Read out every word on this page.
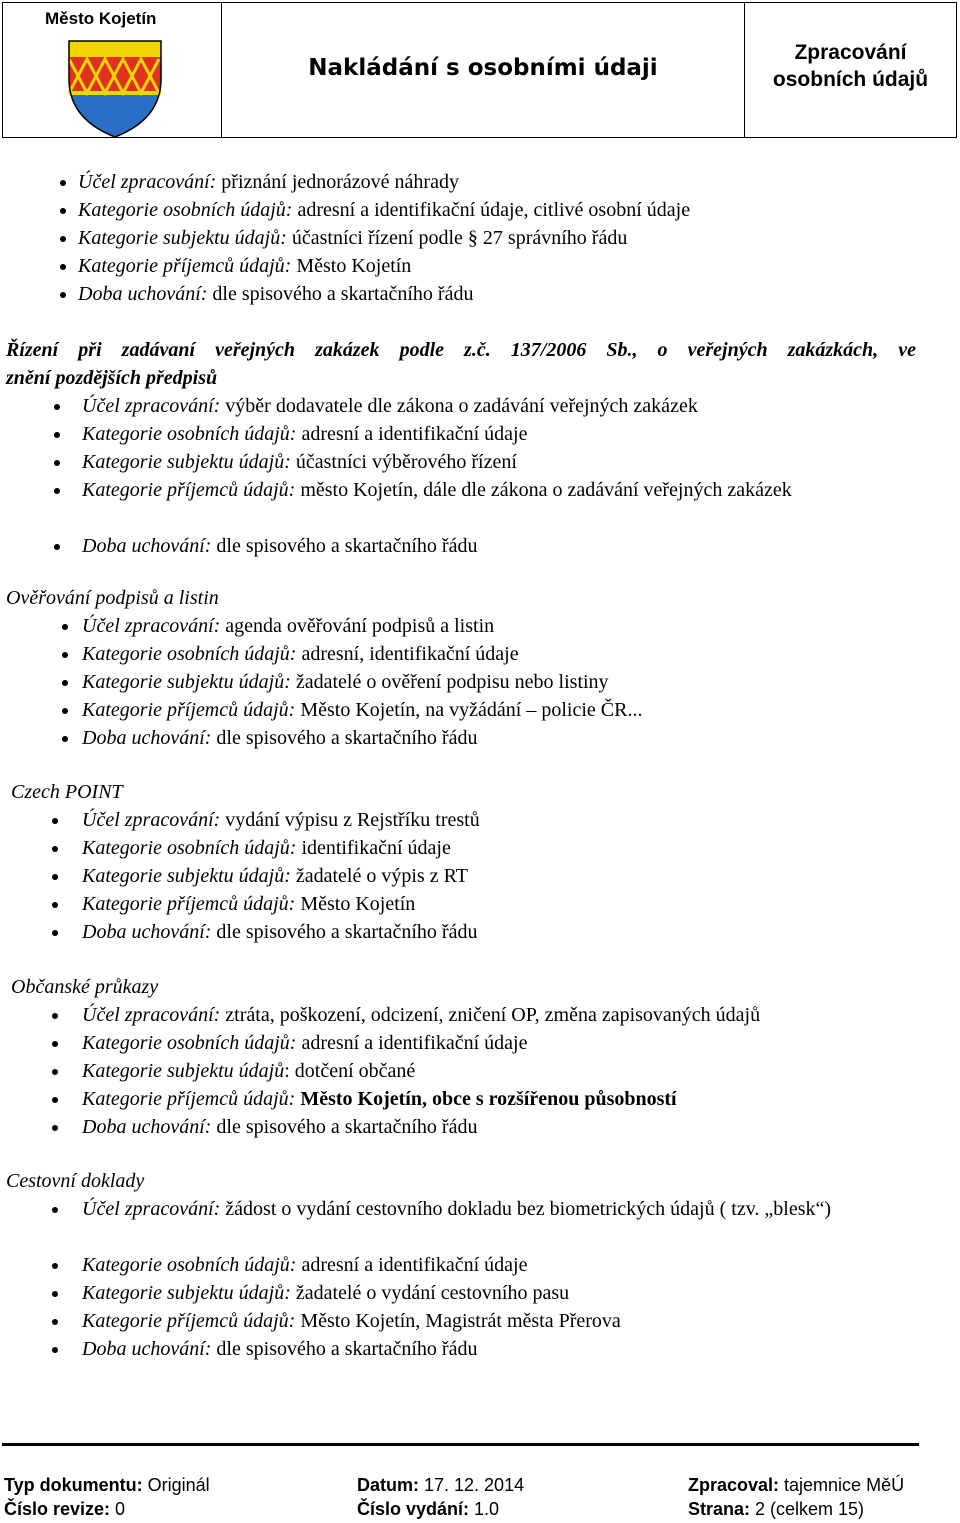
Město Kojetín
Nakládání s osobními údaji
Zpracování
osobních údajů
Účel zpracování: přiznání jednorázové náhrady
Kategorie osobních údajů: adresní a identifikační údaje, citlivé osobní údaje
Kategorie subjektu údajů: účastníci řízení podle § 27 správního řádu
Kategorie příjemců údajů: Město Kojetín
Doba uchování: dle spisového a skartačního řádu
Řízení při zadávaní veřejných zakázek podle z.č. 137/2006 Sb., o veřejných zakázkách, ve
znění pozdějších předpisů
Účel zpracování: výběr dodavatele dle zákona o zadávání veřejných zakázek
Kategorie osobních údajů: adresní a identifikační údaje
Kategorie subjektu údajů: účastníci výběrového řízení
Kategorie příjemců údajů: město Kojetín, dále dle zákona o zadávání veřejných zakázek
Doba uchování: dle spisového a skartačního řádu
Ověřování podpisů a listin
Účel zpracování: agenda ověřování podpisů a listin
Kategorie osobních údajů: adresní, identifikační údaje
Kategorie subjektu údajů: žadatelé o ověření podpisu nebo listiny
Kategorie příjemců údajů: Město Kojetín, na vyžádání – policie ČR...
Doba uchování: dle spisového a skartačního řádu
Czech POINT
Účel zpracování: vydání výpisu z Rejstříku trestů
Kategorie osobních údajů: identifikační údaje
Kategorie subjektu údajů: žadatelé o výpis z RT
Kategorie příjemců údajů: Město Kojetín
Doba uchování: dle spisového a skartačního řádu
Občanské průkazy
Účel zpracování: ztráta, poškození, odcizení, zničení OP, změna zapisovaných údajů
Kategorie osobních údajů: adresní a identifikační údaje
Kategorie subjektu údajů: dotčení občané
Kategorie příjemců údajů: Město Kojetín, obce s rozšířenou působností
Doba uchování: dle spisového a skartačního řádu
Cestovní doklady
Účel zpracování: žádost o vydání cestovního dokladu bez biometrických údajů ( tzv. „blesk“)
Kategorie osobních údajů: adresní a identifikační údaje
Kategorie subjektu údajů: žadatelé o vydání cestovního pasu
Kategorie příjemců údajů: Město Kojetín, Magistrát města Přerova
Doba uchování: dle spisového a skartačního řádu
Typ dokumentu: Originál
Číslo revize: 0
Datum: 17. 12. 2014
Číslo vydání: 1.0
Zpracoval: tajemnice MěÚ
Strana: 2 (celkem 15)
